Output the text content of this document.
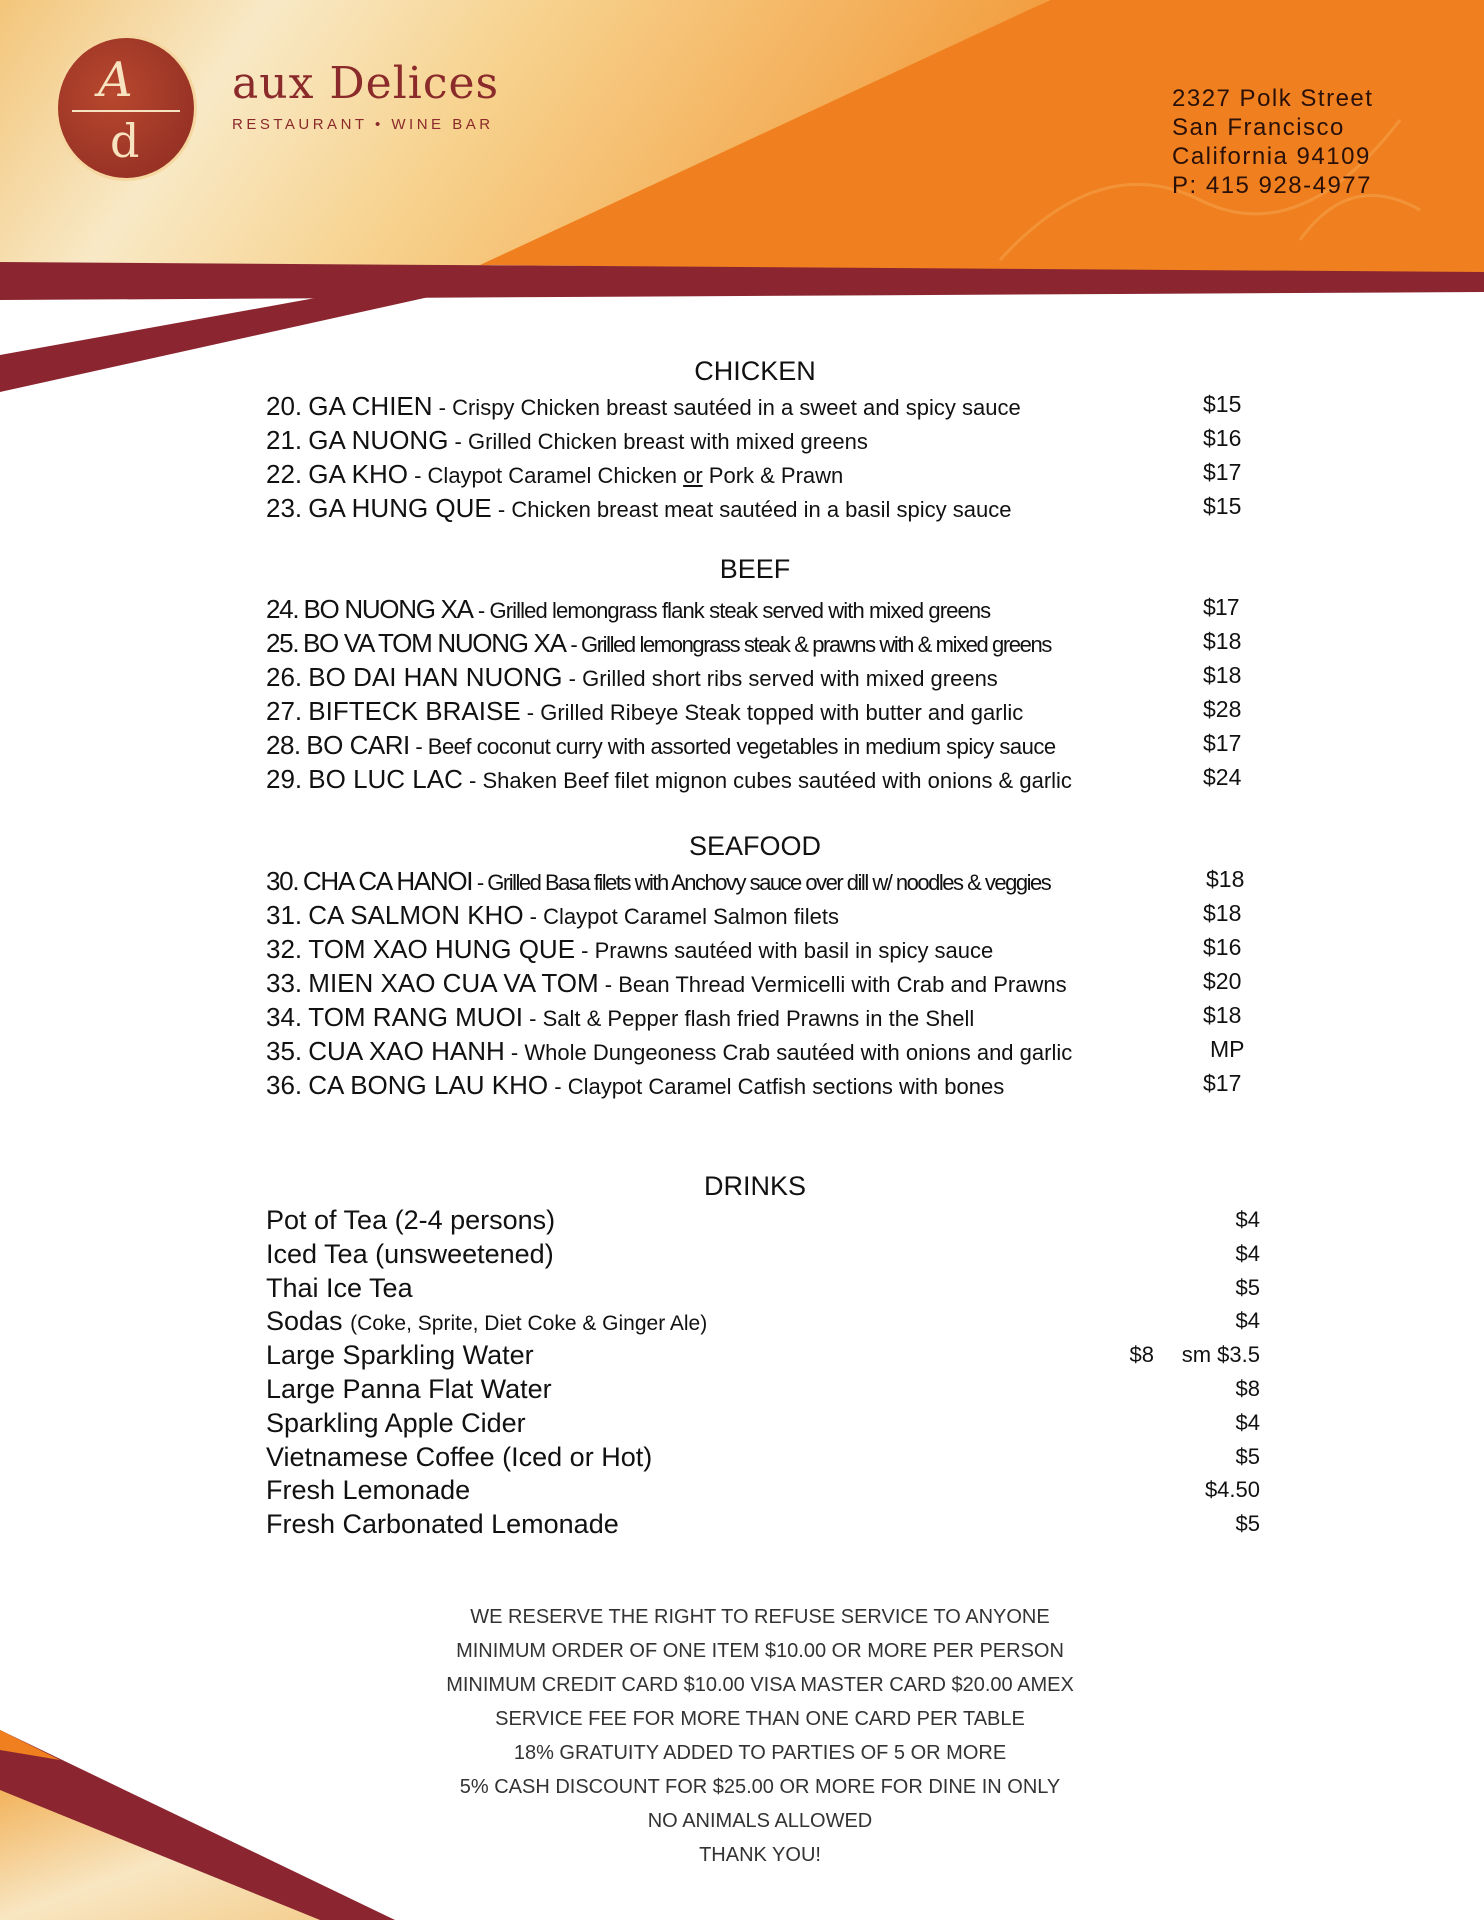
A
d
aux Delices
RESTAURANT • WINE BAR
2327 Polk Street
San Francisco
California 94109
P: 415 928-4977
CHICKEN
20. GA CHIEN - Crispy Chicken breast sautéed in a sweet and spicy sauce	$15
21. GA NUONG - Grilled Chicken breast with mixed greens	$16
22. GA KHO - Claypot Caramel Chicken or Pork & Prawn	$17
23. GA HUNG QUE - Chicken breast meat sautéed in a basil spicy sauce	$15
BEEF
24. BO NUONG XA - Grilled lemongrass flank steak served with mixed greens	$17
25. BO VA TOM NUONG XA - Grilled lemongrass steak & prawns with & mixed greens	$18
26. BO DAI HAN NUONG - Grilled short ribs served with mixed greens	$18
27. BIFTECK BRAISE - Grilled Ribeye Steak topped with butter and garlic	$28
28. BO CARI - Beef coconut curry with assorted vegetables in medium spicy sauce	$17
29. BO LUC LAC - Shaken Beef filet mignon cubes sautéed with onions & garlic	$24
SEAFOOD
30. CHA CA HANOI - Grilled Basa filets with Anchovy sauce over dill w/ noodles & veggies	$18
31. CA SALMON KHO - Claypot Caramel Salmon filets	$18
32. TOM XAO HUNG QUE - Prawns sautéed with basil in spicy sauce	$16
33. MIEN XAO CUA VA TOM - Bean Thread Vermicelli with Crab and Prawns	$20
34. TOM RANG MUOI - Salt & Pepper flash fried Prawns in the Shell	$18
35. CUA XAO HANH - Whole Dungeoness Crab sautéed with onions and garlic	MP
36. CA BONG LAU KHO - Claypot Caramel Catfish sections with bones	$17
DRINKS
Pot of Tea (2-4 persons)	$4
Iced Tea (unsweetened)	$4
Thai Ice Tea	$5
Sodas (Coke, Sprite, Diet Coke & Ginger Ale)	$4
Large Sparkling Water	$8 sm $3.5
Large Panna Flat Water	$8
Sparkling Apple Cider	$4
Vietnamese Coffee (Iced or Hot)	$5
Fresh Lemonade	$4.50
Fresh Carbonated Lemonade	$5
WE RESERVE THE RIGHT TO REFUSE SERVICE TO ANYONE
MINIMUM ORDER OF ONE ITEM $10.00 OR MORE PER PERSON
MINIMUM CREDIT CARD $10.00 VISA MASTER CARD $20.00 AMEX
SERVICE FEE FOR MORE THAN ONE CARD PER TABLE
18% GRATUITY ADDED TO PARTIES OF 5 OR MORE
5% CASH DISCOUNT FOR $25.00 OR MORE FOR DINE IN ONLY
NO ANIMALS ALLOWED
THANK YOU!
